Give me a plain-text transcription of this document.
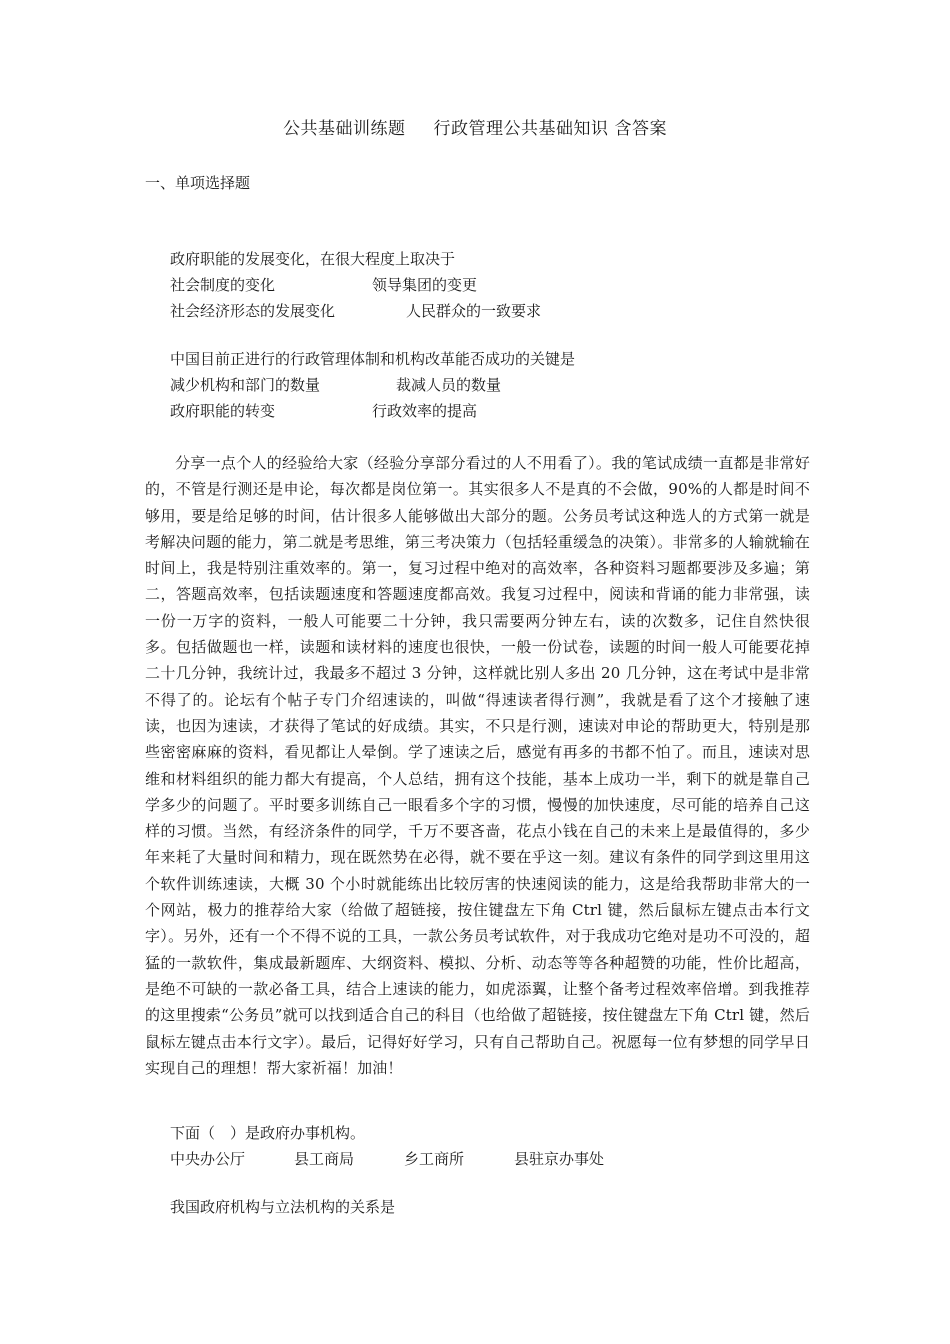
公共基础训练题 行政管理公共基础知识 含答案
一、单项选择题
政府职能的发展变化，在很大程度上取决于
社会制度的变化	领导集团的变更
社会经济形态的发展变化	人民群众的一致要求
中国目前正进行的行政管理体制和机构改革能否成功的关键是
减少机构和部门的数量	裁减人员的数量
政府职能的转变	行政效率的提高
分享一点个人的经验给大家（经验分享部分看过的人不用看了）。我的笔试成绩一直都是非常好的，不管是行测还是申论，每次都是岗位第一。其实很多人不是真的不会做，90%的人都是时间不够用，要是给足够的时间，估计很多人能够做出大部分的题。公务员考试这种选人的方式第一就是考解决问题的能力，第二就是考思维，第三考决策力（包括轻重缓急的决策）。非常多的人输就输在时间上，我是特别注重效率的。第一，复习过程中绝对的高效率，各种资料习题都要涉及多遍；第二，答题高效率，包括读题速度和答题速度都高效。我复习过程中，阅读和背诵的能力非常强，读一份一万字的资料，一般人可能要二十分钟，我只需要两分钟左右，读的次数多，记住自然快很多。包括做题也一样，读题和读材料的速度也很快，一般一份试卷，读题的时间一般人可能要花掉二十几分钟，我统计过，我最多不超过 3 分钟，这样就比别人多出 20 几分钟，这在考试中是非常不得了的。论坛有个帖子专门介绍速读的，叫做“得速读者得行测”，我就是看了这个才接触了速读，也因为速读，才获得了笔试的好成绩。其实，不只是行测，速读对申论的帮助更大，特别是那些密密麻麻的资料，看见都让人晕倒。学了速读之后，感觉有再多的书都不怕了。而且，速读对思维和材料组织的能力都大有提高，个人总结，拥有这个技能，基本上成功一半，剩下的就是靠自己学多少的问题了。平时要多训练自己一眼看多个字的习惯，慢慢的加快速度，尽可能的培养自己这样的习惯。当然，有经济条件的同学，千万不要吝啬，花点小钱在自己的未来上是最值得的，多少年来耗了大量时间和精力，现在既然势在必得，就不要在乎这一刻。建议有条件的同学到这里用这个软件训练速读，大概 30 个小时就能练出比较厉害的快速阅读的能力，这是给我帮助非常大的一个网站，极力的推荐给大家（给做了超链接，按住键盘左下角 Ctrl 键，然后鼠标左键点击本行文字）。另外，还有一个不得不说的工具，一款公务员考试软件，对于我成功它绝对是功不可没的，超猛的一款软件，集成最新题库、大纲资料、模拟、分析、动态等等各种超赞的功能，性价比超高，是绝不可缺的一款必备工具，结合上速读的能力，如虎添翼，让整个备考过程效率倍增。到我推荐的这里搜索“公务员”就可以找到适合自己的科目（也给做了超链接，按住键盘左下角 Ctrl 键，然后鼠标左键点击本行文字）。最后，记得好好学习，只有自己帮助自己。祝愿每一位有梦想的同学早日实现自己的理想！帮大家祈福！加油！
下面（　）是政府办事机构。
中央办公厅	县工商局	乡工商所	县驻京办事处
我国政府机构与立法机构的关系是
